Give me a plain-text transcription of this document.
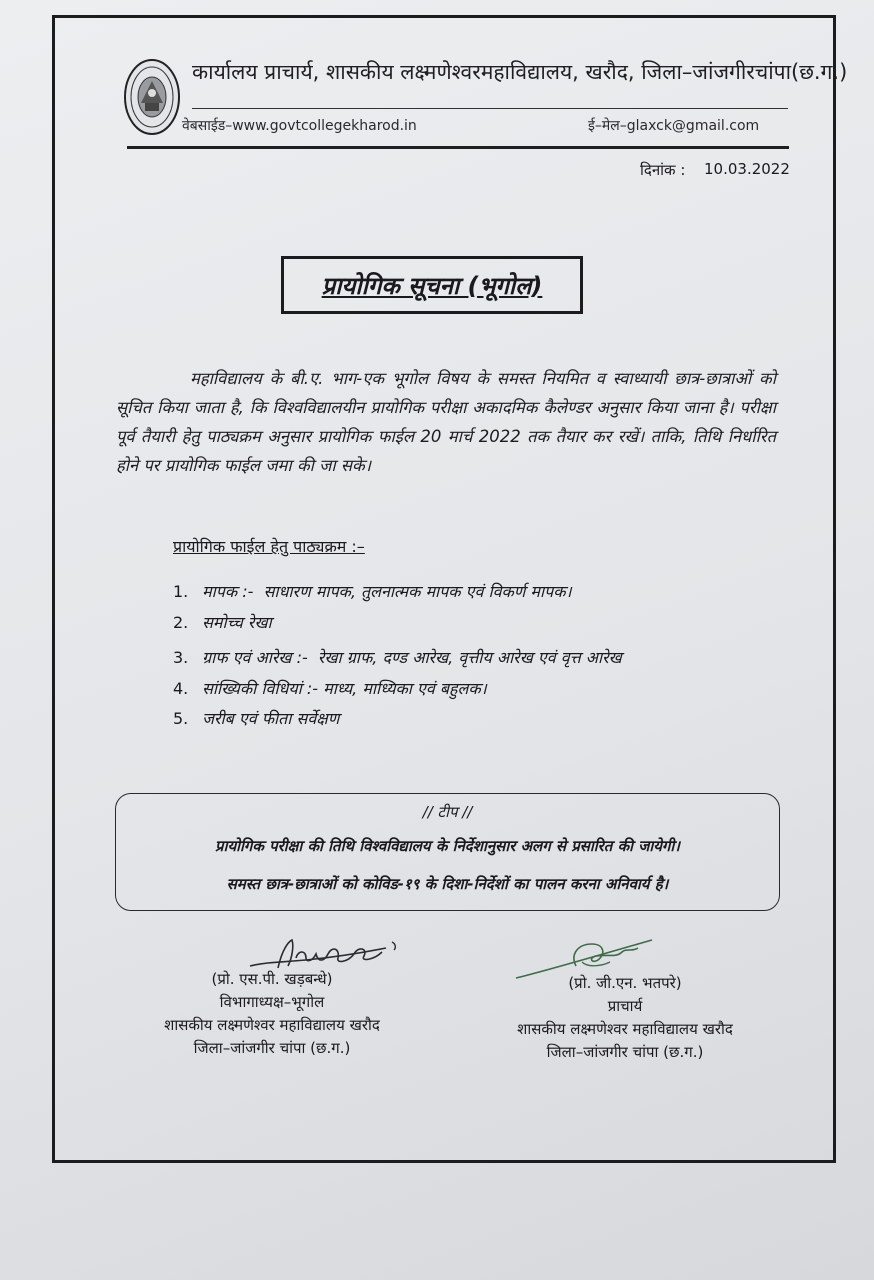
कार्यालय प्राचार्य, शासकीय लक्ष्मणेश्वरमहाविद्यालय, खरौद, जिला–जांजगीरचांपा(छ.ग.)
वेबसाईड–www.govtcollegekharod.in	ई–मेल–glaxck@gmail.com
दिनांक : 10.03.2022
प्रायोगिक सूचना (भूगोल)
महाविद्यालय के बी.ए. भाग-एक भूगोल विषय के समस्त नियमित व स्वाध्यायी छात्र-छात्राओं को सूचित किया जाता है, कि विश्वविद्यालयीन प्रायोगिक परीक्षा अकादमिक कैलेण्डर अनुसार किया जाना है। परीक्षा पूर्व तैयारी हेतु पाठ्यक्रम अनुसार प्रायोगिक फाईल 20 मार्च 2022 तक तैयार कर रखें। ताकि, तिथि निर्धारित होने पर प्रायोगिक फाईल जमा की जा सके।
प्रायोगिक फाईल हेतु पाठ्यक्रम :–
1. मापक :- साधारण मापक, तुलनात्मक मापक एवं विकर्ण मापक।
2. समोच्च रेखा
3. ग्राफ एवं आरेख :- रेखा ग्राफ, दण्ड आरेख, वृत्तीय आरेख एवं वृत्त आरेख
4. सांख्यिकी विधियां :- माध्य, माध्यिका एवं बहुलक।
5. जरीब एवं फीता सर्वेक्षण
// टीप //
प्रायोगिक परीक्षा की तिथि विश्वविद्यालय के निर्देशानुसार अलग से प्रसारित की जायेगी।
समस्त छात्र-छात्राओं को कोविड-१९ के दिशा-निर्देशों का पालन करना अनिवार्य है।
(प्रो. एस.पी. खड़बन्धे)
विभागाध्यक्ष–भूगोल
शासकीय लक्ष्मणेश्वर महाविद्यालय खरौद
जिला–जांजगीर चांपा (छ.ग.)
(प्रो. जी.एन. भतपरे)
प्राचार्य
शासकीय लक्ष्मणेश्वर महाविद्यालय खरौद
जिला–जांजगीर चांपा (छ.ग.)
